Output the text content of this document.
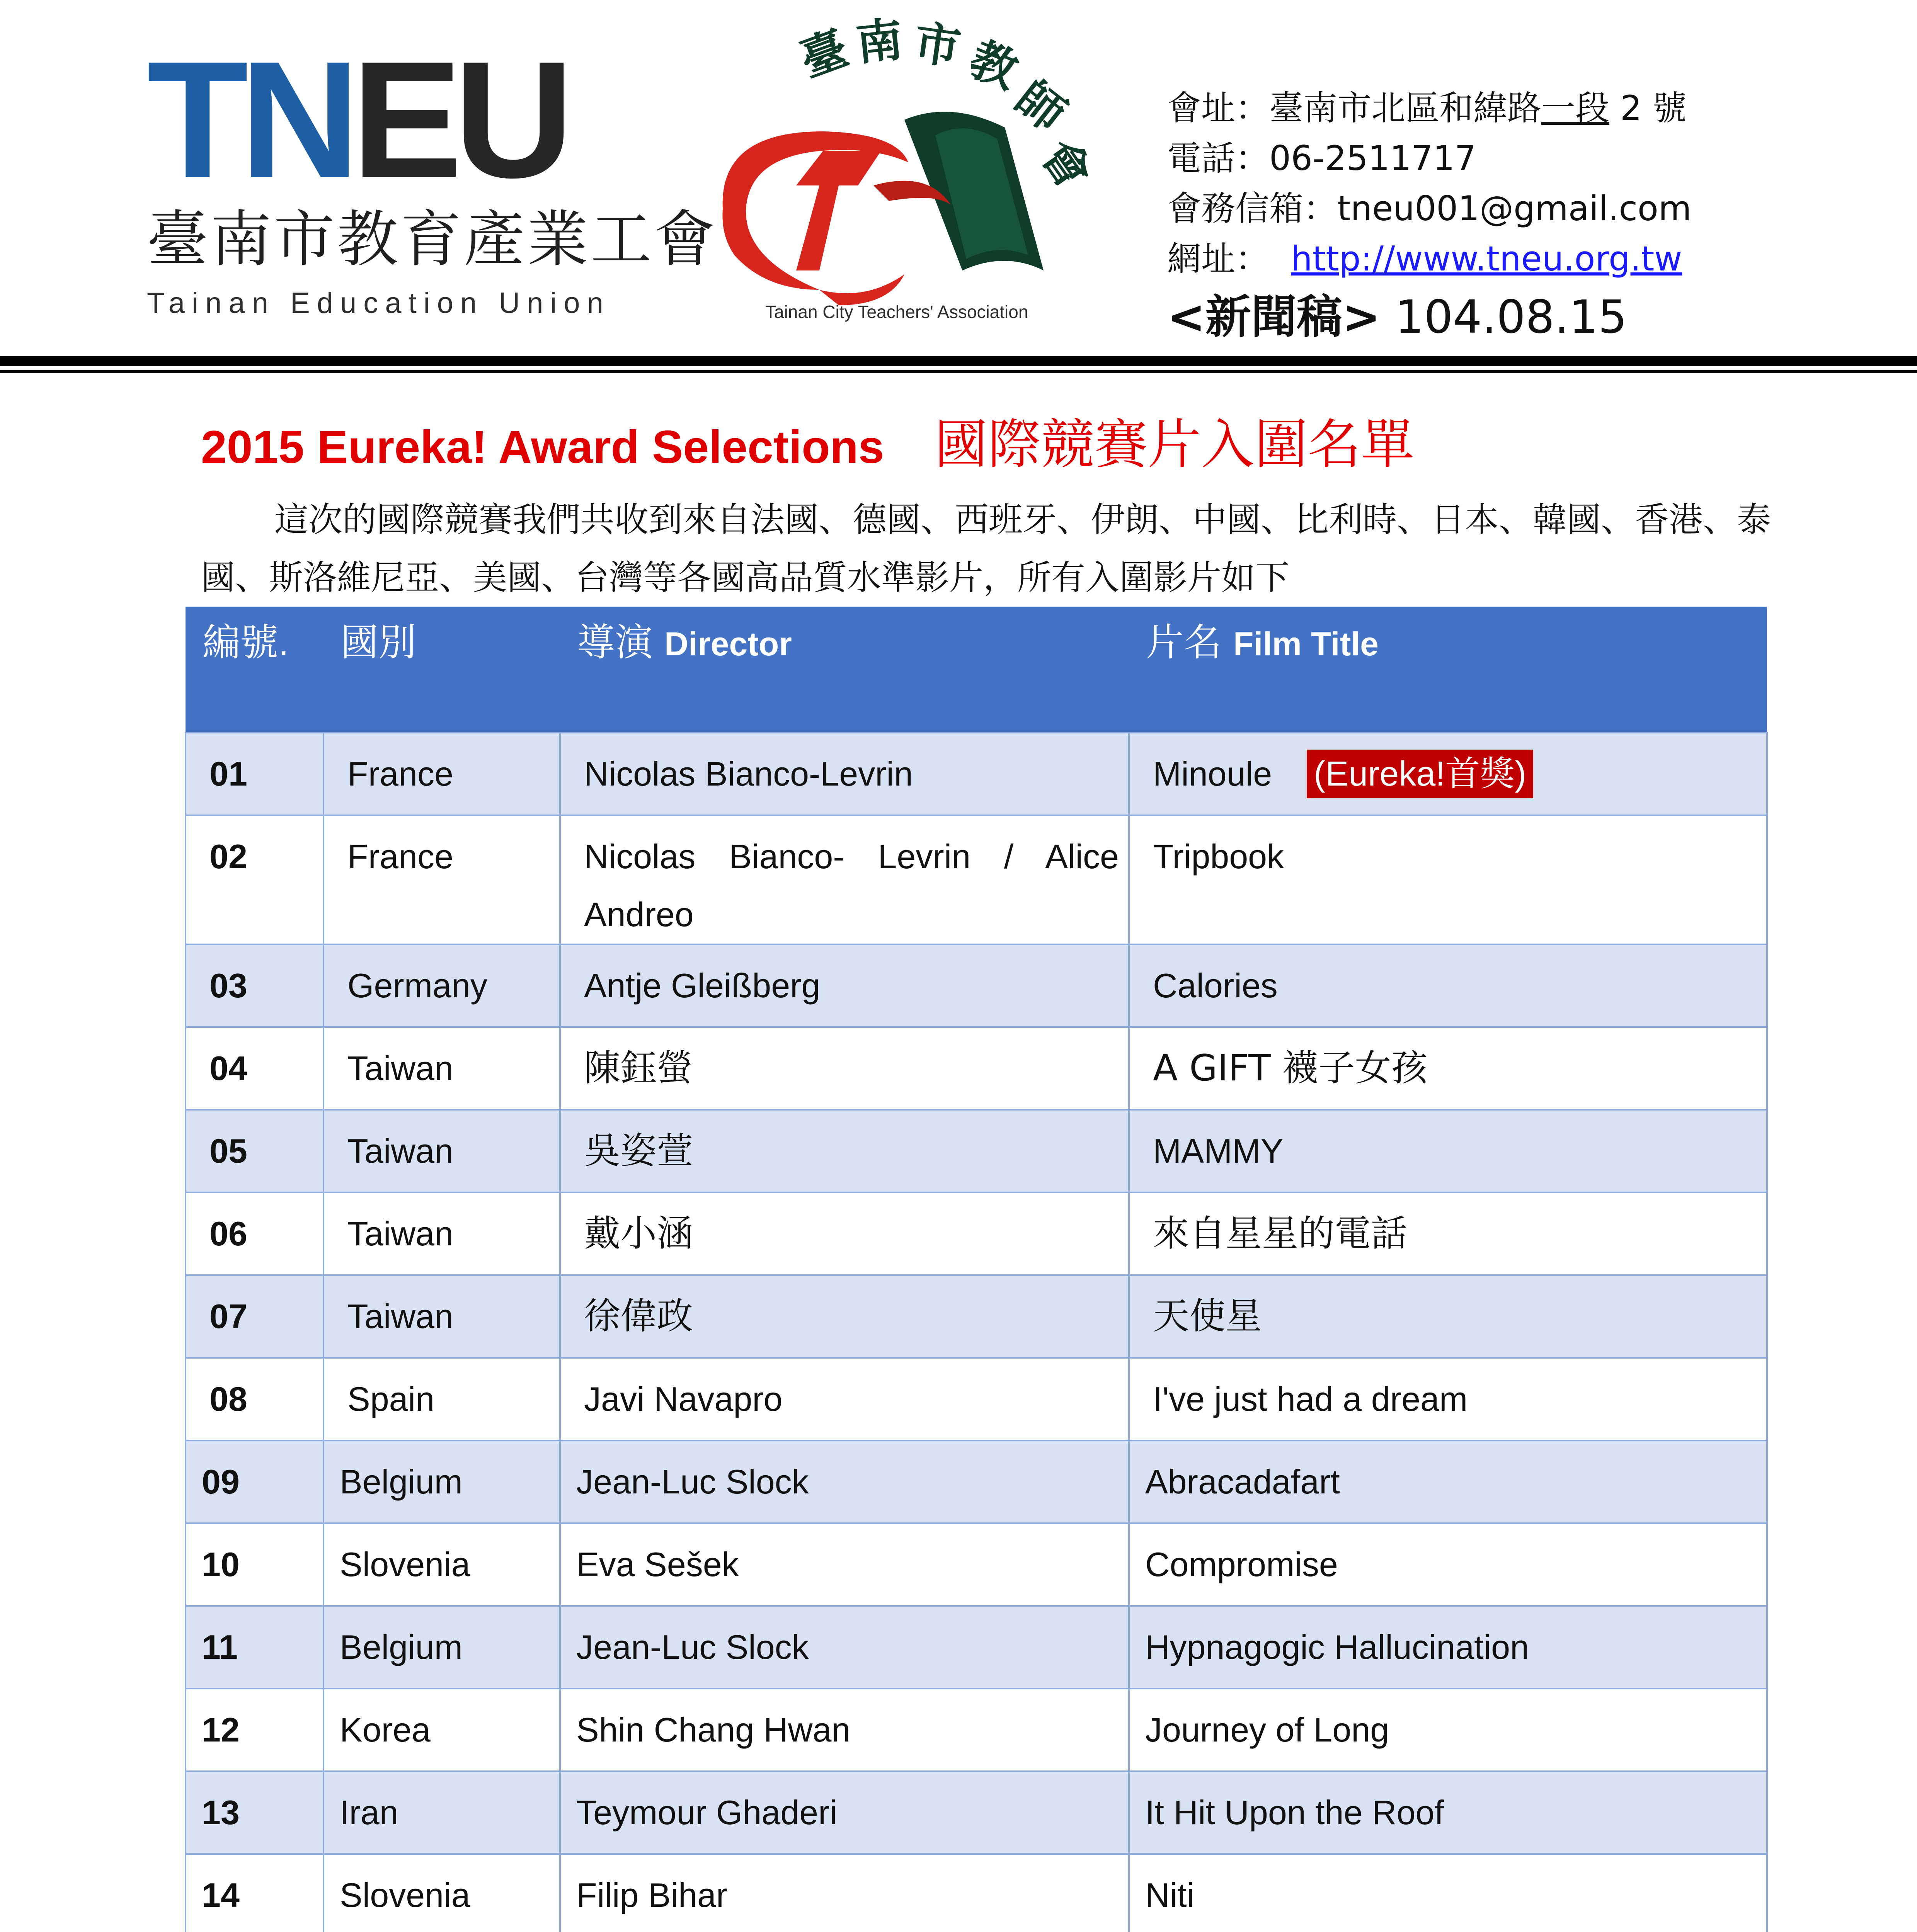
TNEU
臺南市教育產業工會
Tainan Education Union
臺
南 市
教
師
會
Tainan City Teachers' Association
會址：臺南市北區和緯路一段 2 號
電話：06-2511717
會務信箱：tneu001@gmail.com
網址： http://www.tneu.org.tw
<新聞稿> 104.08.15
2015 Eureka! Award Selections 國際競賽片入圍名單
這次的國際競賽我們共收到來自法國、德國、西班牙、伊朗、中國、比利時、日本、韓國、香港、泰國、斯洛維尼亞、美國、台灣等各國高品質水準影片，所有入圍影片如下
編號.	國別	導演 Director	片名 Film Title
01	France	Nicolas Bianco-Levrin	Minoule (Eureka!首獎)
02	France	Nicolas Bianco- Levrin / Alice Andreo	Tripbook
03	Germany	Antje Gleißberg	Calories
04	Taiwan	陳鈺螢	A GIFT 襪子女孩
05	Taiwan	吳姿萱	MAMMY
06	Taiwan	戴小涵	來自星星的電話
07	Taiwan	徐偉政	天使星
08	Spain	Javi Navapro	I've just had a dream
09	Belgium	Jean-Luc Slock	Abracadafart
10	Slovenia	Eva Sešek	Compromise
11	Belgium	Jean-Luc Slock	Hypnagogic Hallucination
12	Korea	Shin Chang Hwan	Journey of Long
13	Iran	Teymour Ghaderi	It Hit Upon the Roof
14	Slovenia	Filip Bihar	Niti
